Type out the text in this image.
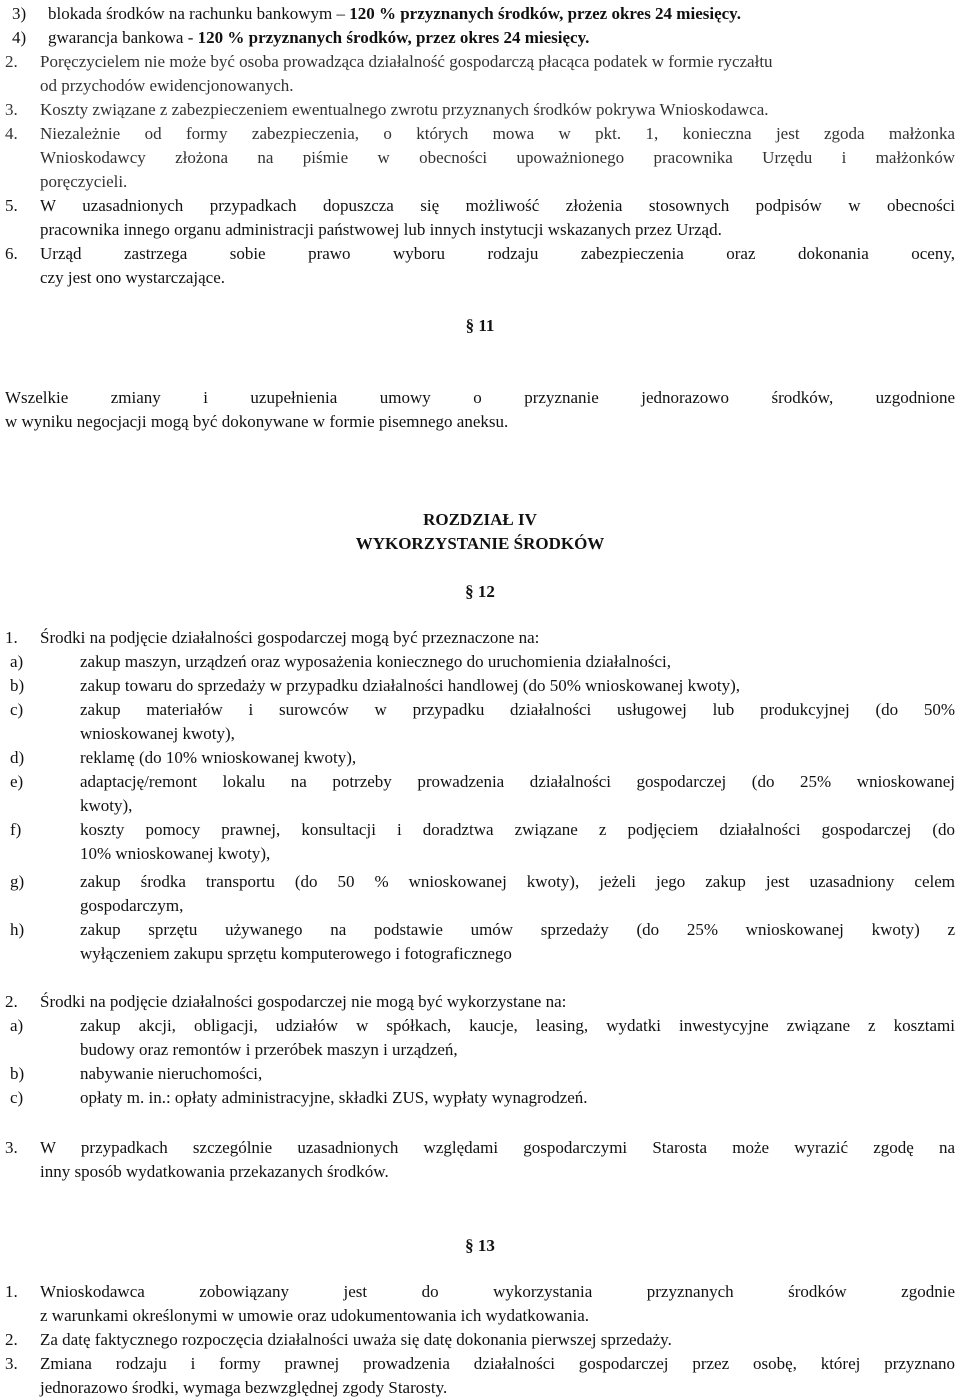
3) blokada środków na rachunku bankowym – 120 % przyznanych środków, przez okres 24 miesięcy.
4) gwarancja bankowa - 120 % przyznanych środków, przez okres 24 miesięcy.
2. Poręczycielem nie może być osoba prowadząca działalność gospodarczą płacąca podatek w formie ryczałtu
od przychodów ewidencjonowanych.
3. Koszty związane z zabezpieczeniem ewentualnego zwrotu przyznanych środków pokrywa Wnioskodawca.
4. Niezależnie od formy zabezpieczenia, o których mowa w pkt. 1, konieczna jest zgoda małżonka
Wnioskodawcy złożona na piśmie w obecności upoważnionego pracownika Urzędu i małżonków
poręczycieli.
5. W uzasadnionych przypadkach dopuszcza się możliwość złożenia stosownych podpisów w obecności
pracownika innego organu administracji państwowej lub innych instytucji wskazanych przez Urząd.
6. Urząd zastrzega sobie prawo wyboru rodzaju zabezpieczenia oraz dokonania oceny,
czy jest ono wystarczające.
§ 11
Wszelkie zmiany i uzupełnienia umowy o przyznanie jednorazowo środków, uzgodnione
w wyniku negocjacji mogą być dokonywane w formie pisemnego aneksu.
ROZDZIAŁ IV
WYKORZYSTANIE ŚRODKÓW
§ 12
1. Środki na podjęcie działalności gospodarczej mogą być przeznaczone na:
a)	zakup maszyn, urządzeń oraz wyposażenia koniecznego do uruchomienia działalności,
b)	zakup towaru do sprzedaży w przypadku działalności handlowej (do 50% wnioskowanej kwoty),
c)	zakup materiałów i surowców w przypadku działalności usługowej lub produkcyjnej (do 50%
wnioskowanej kwoty),
d)	reklamę (do 10% wnioskowanej kwoty),
e)	adaptację/remont lokalu na potrzeby prowadzenia działalności gospodarczej (do 25% wnioskowanej
kwoty),
f)	koszty pomocy prawnej, konsultacji i doradztwa związane z podjęciem działalności gospodarczej (do
10% wnioskowanej kwoty),
g)	zakup środka transportu (do 50 % wnioskowanej kwoty), jeżeli jego zakup jest uzasadniony celem
gospodarczym,
h)	zakup sprzętu używanego na podstawie umów sprzedaży (do 25% wnioskowanej kwoty) z
wyłączeniem zakupu sprzętu komputerowego i fotograficznego
2. Środki na podjęcie działalności gospodarczej nie mogą być wykorzystane na:
a)	zakup akcji, obligacji, udziałów w spółkach, kaucje, leasing, wydatki inwestycyjne związane z kosztami
budowy oraz remontów i przeróbek maszyn i urządzeń,
b)	nabywanie nieruchomości,
c)	opłaty m. in.: opłaty administracyjne, składki ZUS, wypłaty wynagrodzeń.
3. W przypadkach szczególnie uzasadnionych względami gospodarczymi Starosta może wyrazić zgodę na
inny sposób wydatkowania przekazanych środków.
§ 13
1. Wnioskodawca zobowiązany jest do wykorzystania przyznanych środków zgodnie
z warunkami określonymi w umowie oraz udokumentowania ich wydatkowania.
2. Za datę faktycznego rozpoczęcia działalności uważa się datę dokonania pierwszej sprzedaży.
3. Zmiana rodzaju i formy prawnej prowadzenia działalności gospodarczej przez osobę, której przyznano
jednorazowo środki, wymaga bezwzględnej zgody Starosty.
